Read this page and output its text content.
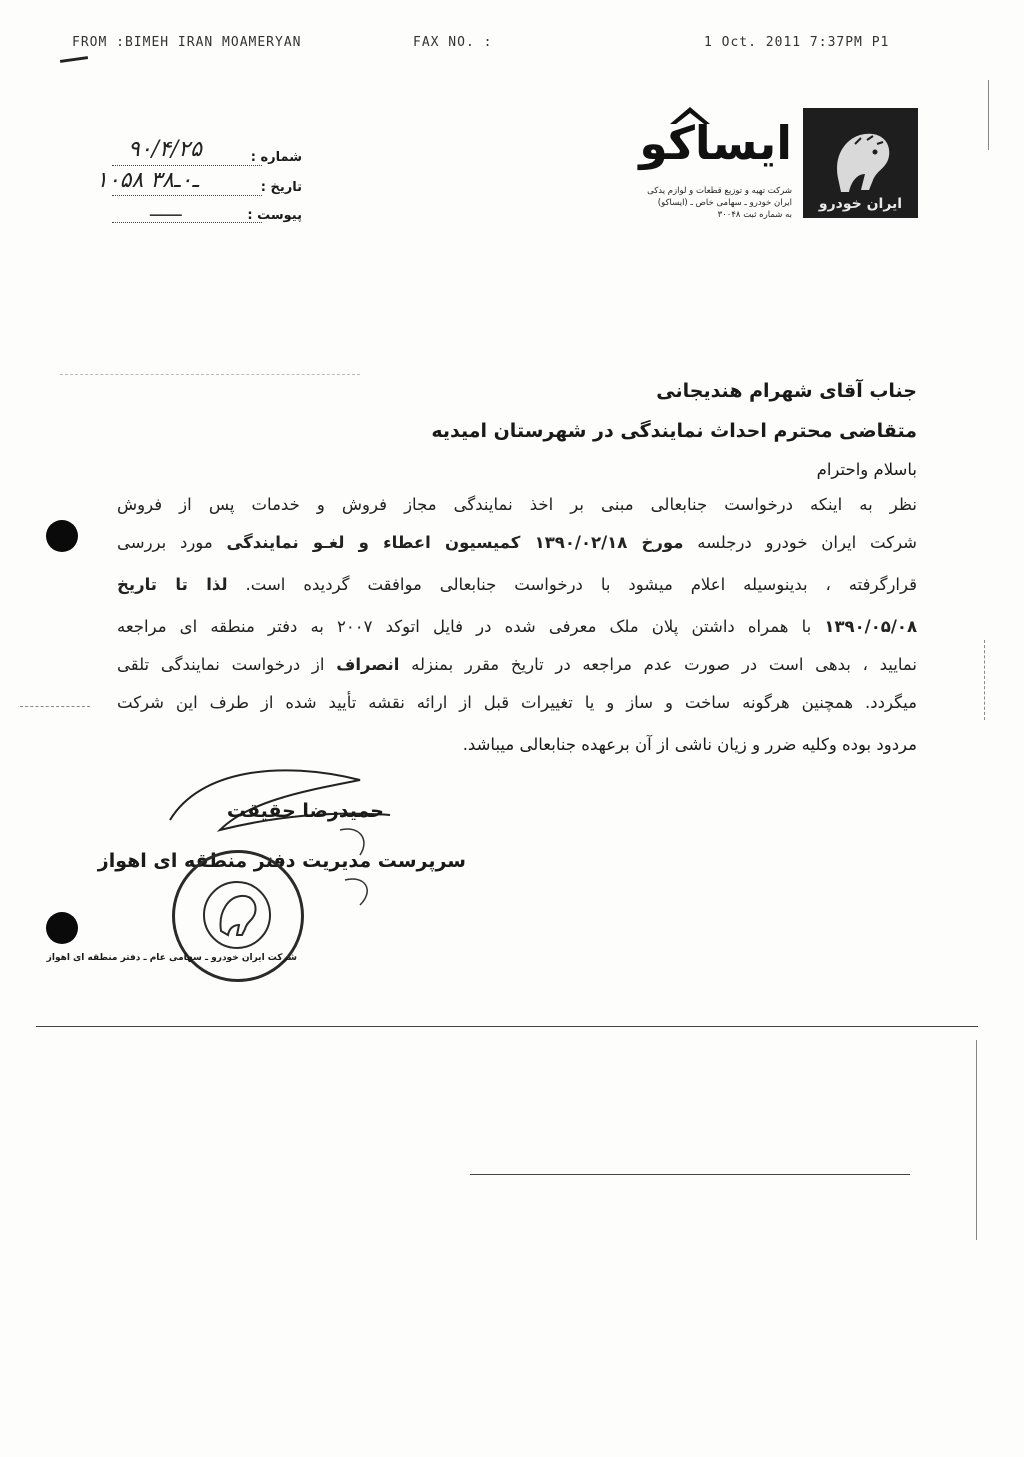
FROM :BIMEH IRAN MOAMERYAN	FAX NO. :	1 Oct. 2011 7:37PM P1
شماره :
۹۰/۴/۲۵
تاریخ :
۱۰۵۸ ـ۰ـ۳۸
پیوست :
ــــــ
ایساکو
شرکت تهیه و توزیع قطعات و لوازم یدکی
ایران خودرو ـ سهامی خاص ـ (ایساکو)
به شماره ثبت ۳۰۰۴۸
ایران خودرو
جناب آقای شهرام هندیجانی
متقاضی محترم احداث نمایندگی در شهرستان امیدیه
باسلام واحترام
نظر به اینکه درخواست جنابعالی مبنی بر اخذ نمایندگی مجاز فروش و خدمات پس از فروش
شرکت ایران خودرو درجلسه مورخ ۱۳۹۰/۰۲/۱۸ کمیسیون اعطاء و لغـو نمایندگی مورد بررسی
قرارگرفته ، بدینوسیله اعلام میشود با درخواست جنابعالی موافقت گردیده است. لذا تا تاریخ
۱۳۹۰/۰۵/۰۸ با همراه داشتن پلان ملک معرفی شده در فایل اتوکد ۲۰۰۷ به دفتر منطقه ای مراجعه
نمایید ، بدهی است در صورت عدم مراجعه در تاریخ مقرر بمنزله انصراف از درخواست نمایندگی تلقی
میگردد. همچنین هرگونه ساخت و ساز و یا تغییرات قبل از ارائه نقشه تأیید شده از طرف این شرکت
مردود بوده وکلیه ضرر و زیان ناشی از آن برعهده جنابعالی میباشد.
حمیدرضا حقیقت
سرپرست مدیریت دفتر منطقه ای اهواز
شرکت ایران خودرو ـ سهامی عام ـ دفتر منطقه ای اهواز
